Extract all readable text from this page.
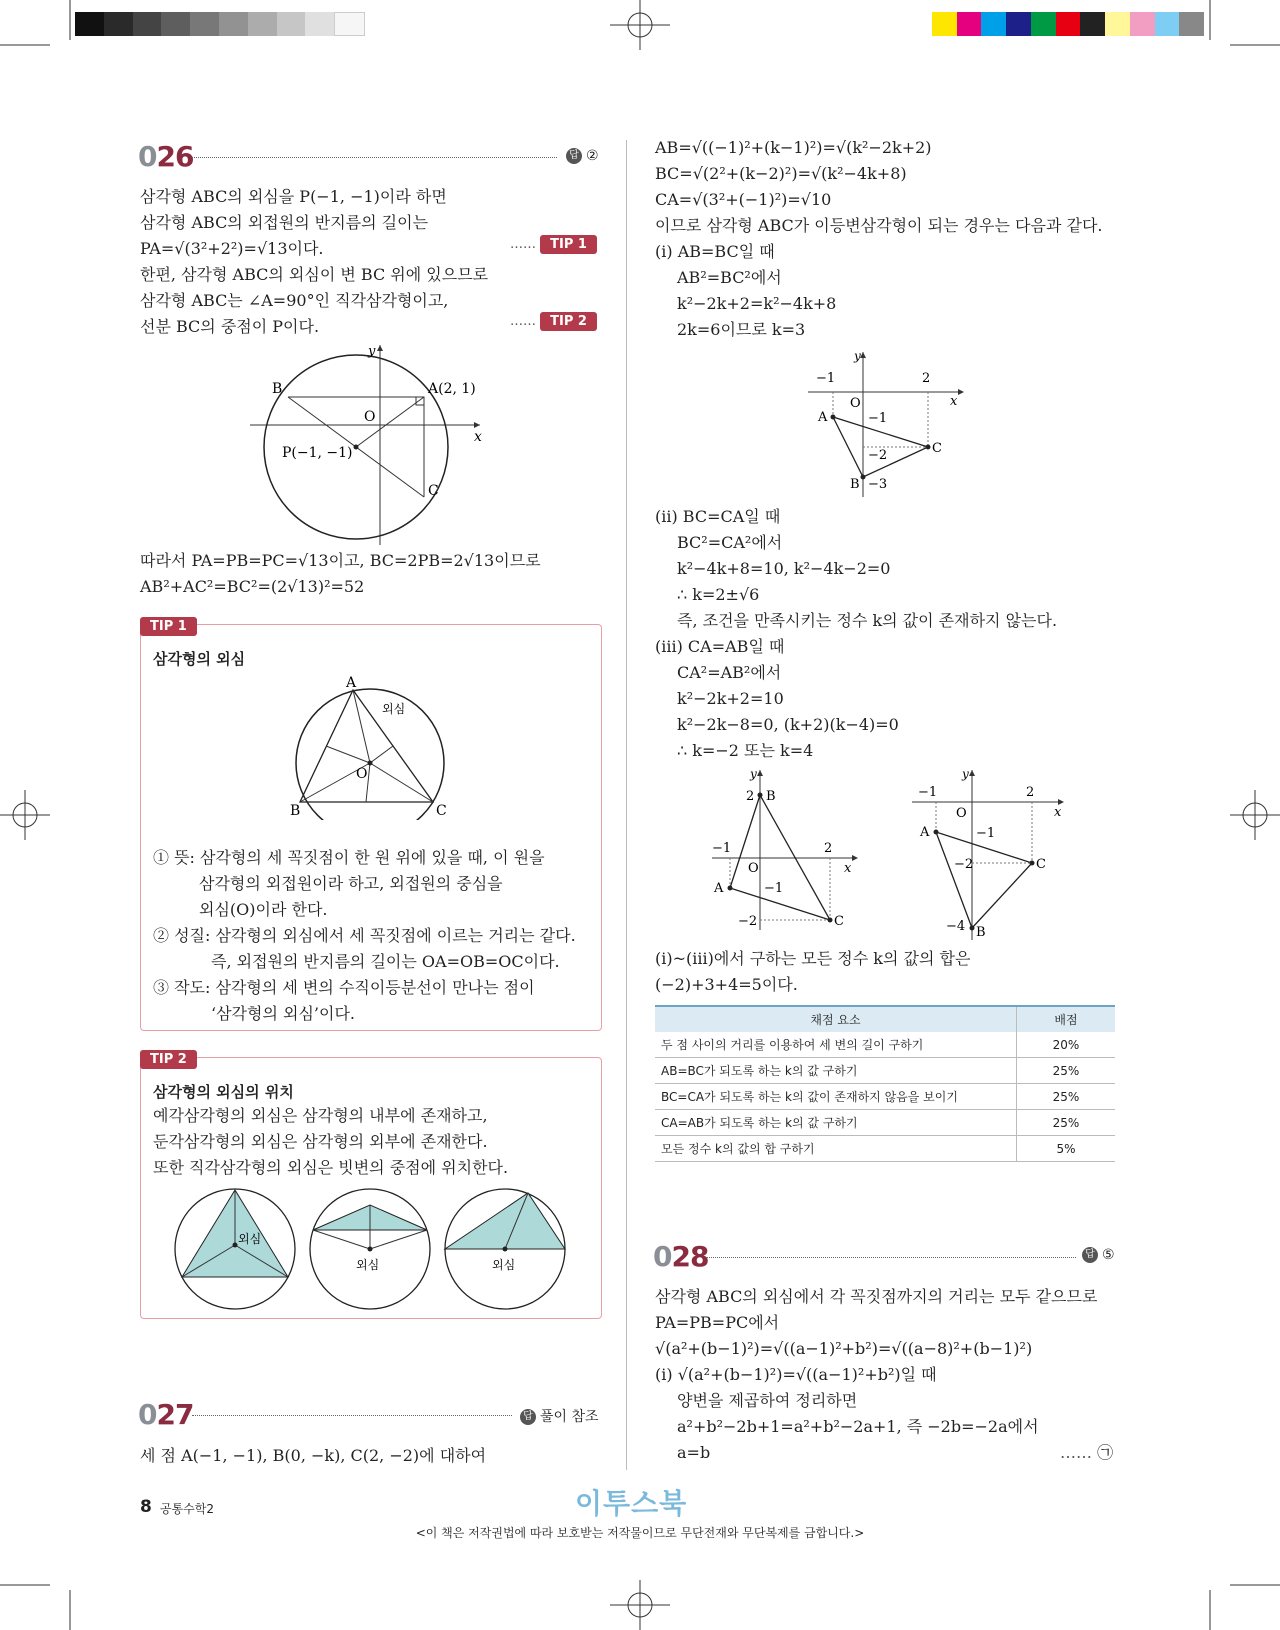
026	답 ②
삼각형 ABC의 외심을 P(−1, −1)이라 하면
삼각형 ABC의 외접원의 반지름의 길이는
PA=√(3²+2²)=√13이다.
한편, 삼각형 ABC의 외심이 변 BC 위에 있으므로
삼각형 ABC는 ∠A=90°인 직각삼각형이고,
선분 BC의 중점이 P이다.
…… TIP 1
…… TIP 2
B	A(2, 1)
O
P(−1, −1)
C
x
y
따라서 PA=PB=PC=√13이고, BC=2PB=2√13이므로
AB²+AC²=BC²=(2√13)²=52
TIP 1
삼각형의 외심
A
B	C
O
외심
① 뜻: 삼각형의 세 꼭짓점이 한 원 위에 있을 때, 이 원을
삼각형의 외접원이라 하고, 외접원의 중심을
외심(O)이라 한다.
② 성질: 삼각형의 외심에서 세 꼭짓점에 이르는 거리는 같다.
즉, 외접원의 반지름의 길이는 OA=OB=OC이다.
③ 작도: 삼각형의 세 변의 수직이등분선이 만나는 점이
‘삼각형의 외심’이다.
TIP 2
삼각형의 외심의 위치
예각삼각형의 외심은 삼각형의 내부에 존재하고,
둔각삼각형의 외심은 삼각형의 외부에 존재한다.
또한 직각삼각형의 외심은 빗변의 중점에 위치한다.
외심
외심	외심
027	답 풀이 참조
세 점 A(−1, −1), B(0, −k), C(2, −2)에 대하여
AB=√((−1)²+(k−1)²)=√(k²−2k+2)
BC=√(2²+(k−2)²)=√(k²−4k+8)
CA=√(3²+(−1)²)=√10
이므로 삼각형 ABC가 이등변삼각형이 되는 경우는 다음과 같다.
(ⅰ) AB=BC일 때
AB²=BC²에서
k²−2k+2=k²−4k+8
2k=6이므로 k=3
−1	2
O
A	−1
−2	C
B −3
x
y
(ⅱ) BC=CA일 때
BC²=CA²에서
k²−4k+8=10, k²−4k−2=0
∴ k=2±√6
즉, 조건을 만족시키는 정수 k의 값이 존재하지 않는다.
(ⅲ) CA=AB일 때
CA²=AB²에서
k²−2k+2=10
k²−2k−8=0, (k+2)(k−4)=0
∴ k=−2 또는 k=4
2 B
−1	2
O
A	−1
−2	C
x
y
−1	2
O
A	−1
−2	C
−4 B
x
y
(ⅰ)~(ⅲ)에서 구하는 모든 정수 k의 값의 합은
(−2)+3+4=5이다.
채점 요소	배점
두 점 사이의 거리를 이용하여 세 변의 길이 구하기	20%
AB=BC가 되도록 하는 k의 값 구하기	25%
BC=CA가 되도록 하는 k의 값이 존재하지 않음을 보이기	25%
CA=AB가 되도록 하는 k의 값 구하기	25%
모든 정수 k의 값의 합 구하기	5%
028	답 ⑤
삼각형 ABC의 외심에서 각 꼭짓점까지의 거리는 모두 같으므로
PA=PB=PC에서
√(a²+(b−1)²)=√((a−1)²+b²)=√((a−8)²+(b−1)²)
(ⅰ) √(a²+(b−1)²)=√((a−1)²+b²)일 때
양변을 제곱하여 정리하면
a²+b²−2b+1=a²+b²−2a+1, 즉 −2b=−2a에서
a=b	…… ㉠
8 공통수학2	이투스북
<이 책은 저작권법에 따라 보호받는 저작물이므로 무단전재와 무단복제를 금합니다.>
